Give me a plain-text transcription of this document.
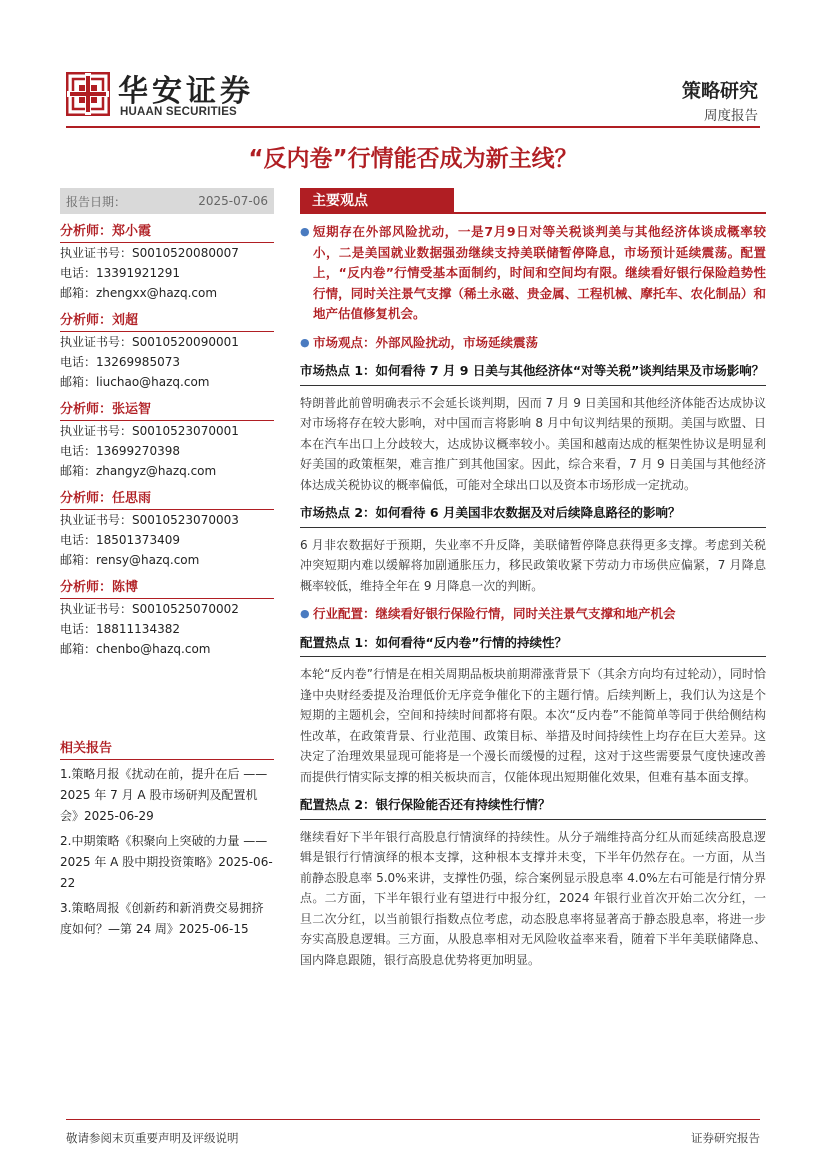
华安证券
HUAAN SECURITIES
策略研究
周度报告
“反内卷”行情能否成为新主线？
报告日期：	2025-07-06
分析师：郑小霞
执业证书号：S0010520080007
电话：13391921291
邮箱：zhengxx@hazq.com
分析师：刘超
执业证书号：S0010520090001
电话：13269985073
邮箱：liuchao@hazq.com
分析师：张运智
执业证书号：S0010523070001
电话：13699270398
邮箱：zhangyz@hazq.com
分析师：任思雨
执业证书号：S0010523070003
电话：18501373409
邮箱：rensy@hazq.com
分析师：陈博
执业证书号：S0010525070002
电话：18811134382
邮箱：chenbo@hazq.com
相关报告
1.策略月报《扰动在前，提升在后 —— 2025 年 7 月 A 股市场研判及配置机会》2025-06-29
2.中期策略《积聚向上突破的力量 —— 2025 年 A 股中期投资策略》2025-06-22
3.策略周报《创新药和新消费交易拥挤度如何？—第 24 周》2025-06-15
主要观点
● 短期存在外部风险扰动，一是7月9日对等关税谈判美与其他经济体谈成概率较小，二是美国就业数据强劲继续支持美联储暂停降息，市场预计延续震荡。配置上，“反内卷”行情受基本面制约，时间和空间均有限。继续看好银行保险趋势性行情，同时关注景气支撑（稀土永磁、贵金属、工程机械、摩托车、农化制品）和地产估值修复机会。
● 市场观点：外部风险扰动，市场延续震荡
市场热点 1：如何看待 7 月 9 日美与其他经济体“对等关税”谈判结果及市场影响？
特朗普此前曾明确表示不会延长谈判期，因而 7 月 9 日美国和其他经济体能否达成协议对市场将存在较大影响，对中国而言将影响 8 月中旬议判结果的预期。美国与欧盟、日本在汽车出口上分歧较大，达成协议概率较小。美国和越南达成的框架性协议是明显利好美国的政策框架，难言推广到其他国家。因此，综合来看，7 月 9 日美国与其他经济体达成关税协议的概率偏低，可能对全球出口以及资本市场形成一定扰动。
市场热点 2：如何看待 6 月美国非农数据及对后续降息路径的影响？
6 月非农数据好于预期，失业率不升反降，美联储暂停降息获得更多支撑。考虑到关税冲突短期内难以缓解将加剧通胀压力，移民政策收紧下劳动力市场供应偏紧，7 月降息概率较低，维持全年在 9 月降息一次的判断。
● 行业配置：继续看好银行保险行情，同时关注景气支撑和地产机会
配置热点 1：如何看待“反内卷”行情的持续性？
本轮“反内卷”行情是在相关周期品板块前期滞涨背景下（其余方向均有过轮动），同时恰逢中央财经委提及治理低价无序竞争催化下的主题行情。后续判断上，我们认为这是个短期的主题机会，空间和持续时间都将有限。本次“反内卷”不能简单等同于供给侧结构性改革，在政策背景、行业范围、政策目标、举措及时间持续性上均存在巨大差异。这决定了治理效果显现可能将是一个漫长而缓慢的过程，这对于这些需要景气度快速改善而提供行情实际支撑的相关板块而言，仅能体现出短期催化效果，但难有基本面支撑。
配置热点 2：银行保险能否还有持续性行情？
继续看好下半年银行高股息行情演绎的持续性。从分子端维持高分红从而延续高股息逻辑是银行行情演绎的根本支撑，这种根本支撑并未变，下半年仍然存在。一方面，从当前静态股息率 5.0%来讲，支撑性仍强，综合案例显示股息率 4.0%左右可能是行情分界点。二方面，下半年银行业有望进行中报分红，2024 年银行业首次开始二次分红，一旦二次分红，以当前银行指数点位考虑，动态股息率将显著高于静态股息率，将进一步夯实高股息逻辑。三方面，从股息率相对无风险收益率来看，随着下半年美联储降息、国内降息跟随，银行高股息优势将更加明显。
敬请参阅末页重要声明及评级说明	证券研究报告
